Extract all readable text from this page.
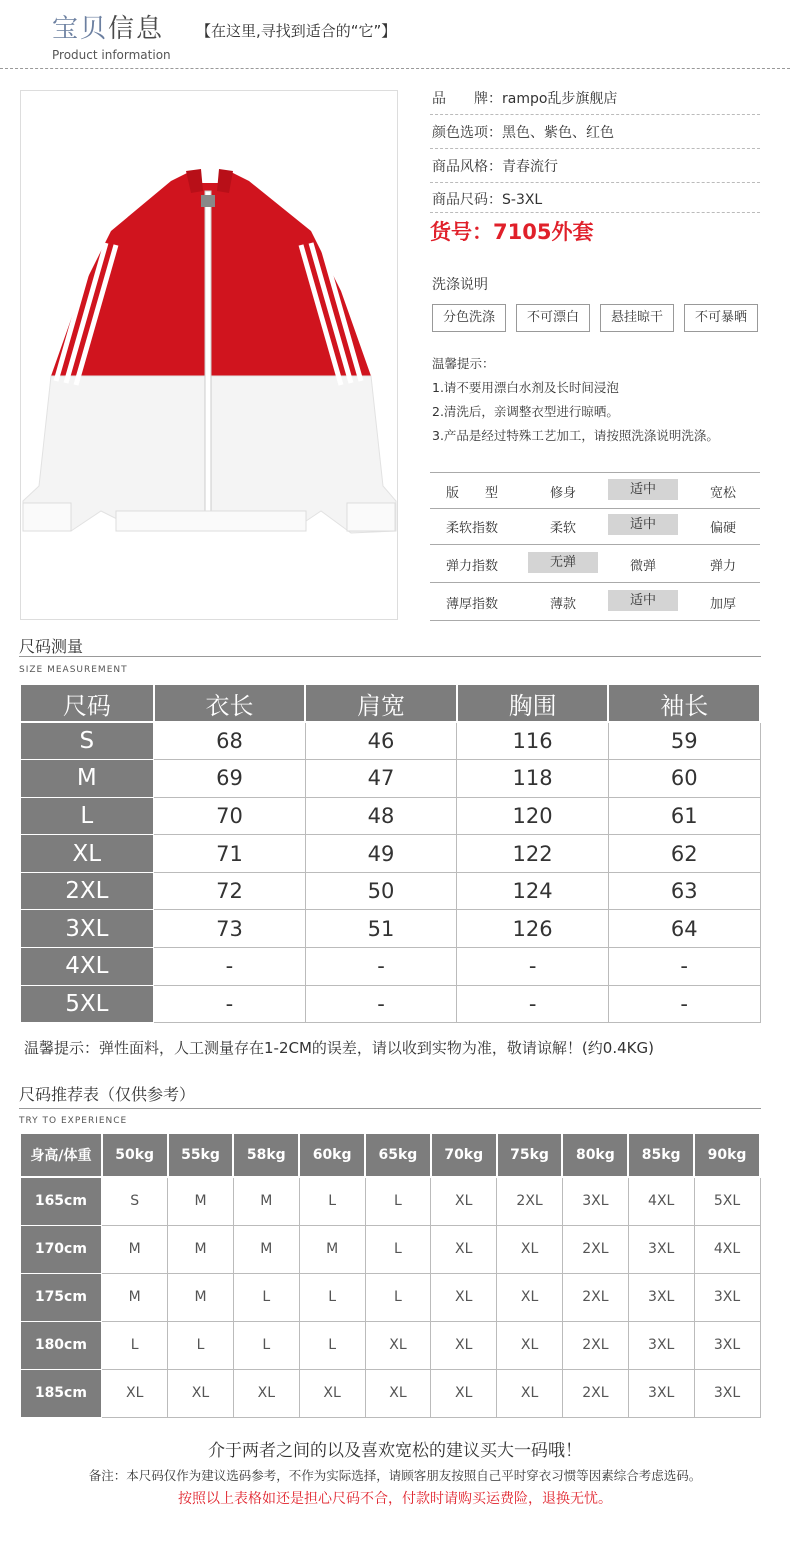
宝贝信息
Product information
【在这里,寻找到适合的“它”】
品　　牌：rampo乱步旗舰店
颜色选项：黑色、紫色、红色
商品风格：青春流行
商品尺码：S-3XL
货号：7105外套
洗涤说明
分色洗涤	不可漂白	悬挂晾干	不可暴晒
温馨提示：
1.请不要用漂白水剂及长时间浸泡
2.清洗后，亲调整衣型进行晾晒。
3.产品是经过特殊工艺加工，请按照洗涤说明洗涤。
版　　型	修身	适中	宽松
柔软指数	柔软	适中	偏硬
弹力指数	无弹	微弹	弹力
薄厚指数	薄款	适中	加厚
尺码测量
SIZE MEASUREMENT
尺码	衣长	肩宽	胸围	袖长
S	68	46	116	59
M	69	47	118	60
L	70	48	120	61
XL	71	49	122	62
2XL	72	50	124	63
3XL	73	51	126	64
4XL	-	-	-	-
5XL	-	-	-	-
温馨提示：弹性面料，人工测量存在1-2CM的误差，请以收到实物为准，敬请谅解！(约0.4KG)
尺码推荐表（仅供参考）
TRY TO EXPERIENCE
身高/体重	50kg	55kg	58kg	60kg	65kg	70kg	75kg	80kg	85kg	90kg
165cm	S	M	M	L	L	XL	2XL	3XL	4XL	5XL
170cm	M	M	M	M	L	XL	XL	2XL	3XL	4XL
175cm	M	M	L	L	L	XL	XL	2XL	3XL	3XL
180cm	L	L	L	L	XL	XL	XL	2XL	3XL	3XL
185cm	XL	XL	XL	XL	XL	XL	XL	2XL	3XL	3XL
介于两者之间的以及喜欢宽松的建议买大一码哦！
备注：本尺码仅作为建议选码参考，不作为实际选择，请顾客朋友按照自己平时穿衣习惯等因素综合考虑选码。
按照以上表格如还是担心尺码不合，付款时请购买运费险，退换无忧。
